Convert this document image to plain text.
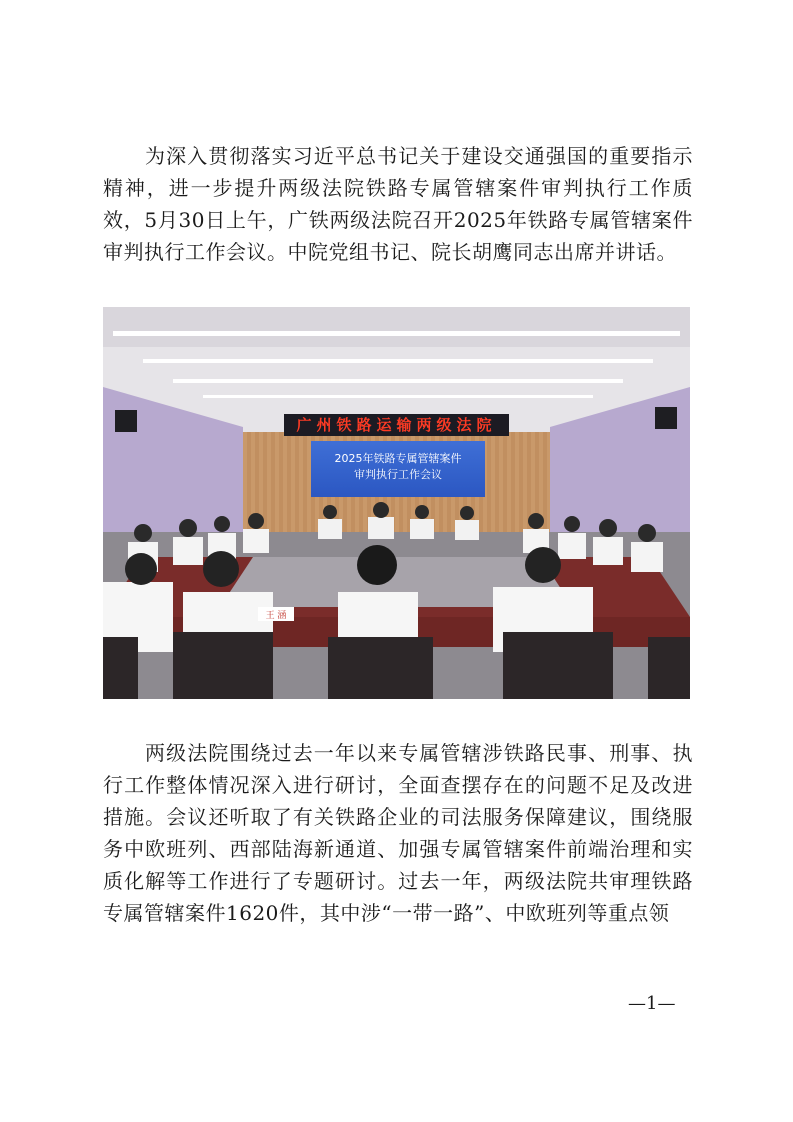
为深入贯彻落实习近平总书记关于建设交通强国的重要指示精神，进一步提升两级法院铁路专属管辖案件审判执行工作质效，5月30日上午，广铁两级法院召开2025年铁路专属管辖案件审判执行工作会议。中院党组书记、院长胡鹰同志出席并讲话。

王 涵
广州铁路运输两级法院
2025年铁路专属管辖案件
审判执行工作会议

两级法院围绕过去一年以来专属管辖涉铁路民事、刑事、执行工作整体情况深入进行研讨，全面查摆存在的问题不足及改进措施。会议还听取了有关铁路企业的司法服务保障建议，围绕服务中欧班列、西部陆海新通道、加强专属管辖案件前端治理和实质化解等工作进行了专题研讨。过去一年，两级法院共审理铁路专属管辖案件1620件，其中涉“一带一路”、中欧班列等重点领

—1—
